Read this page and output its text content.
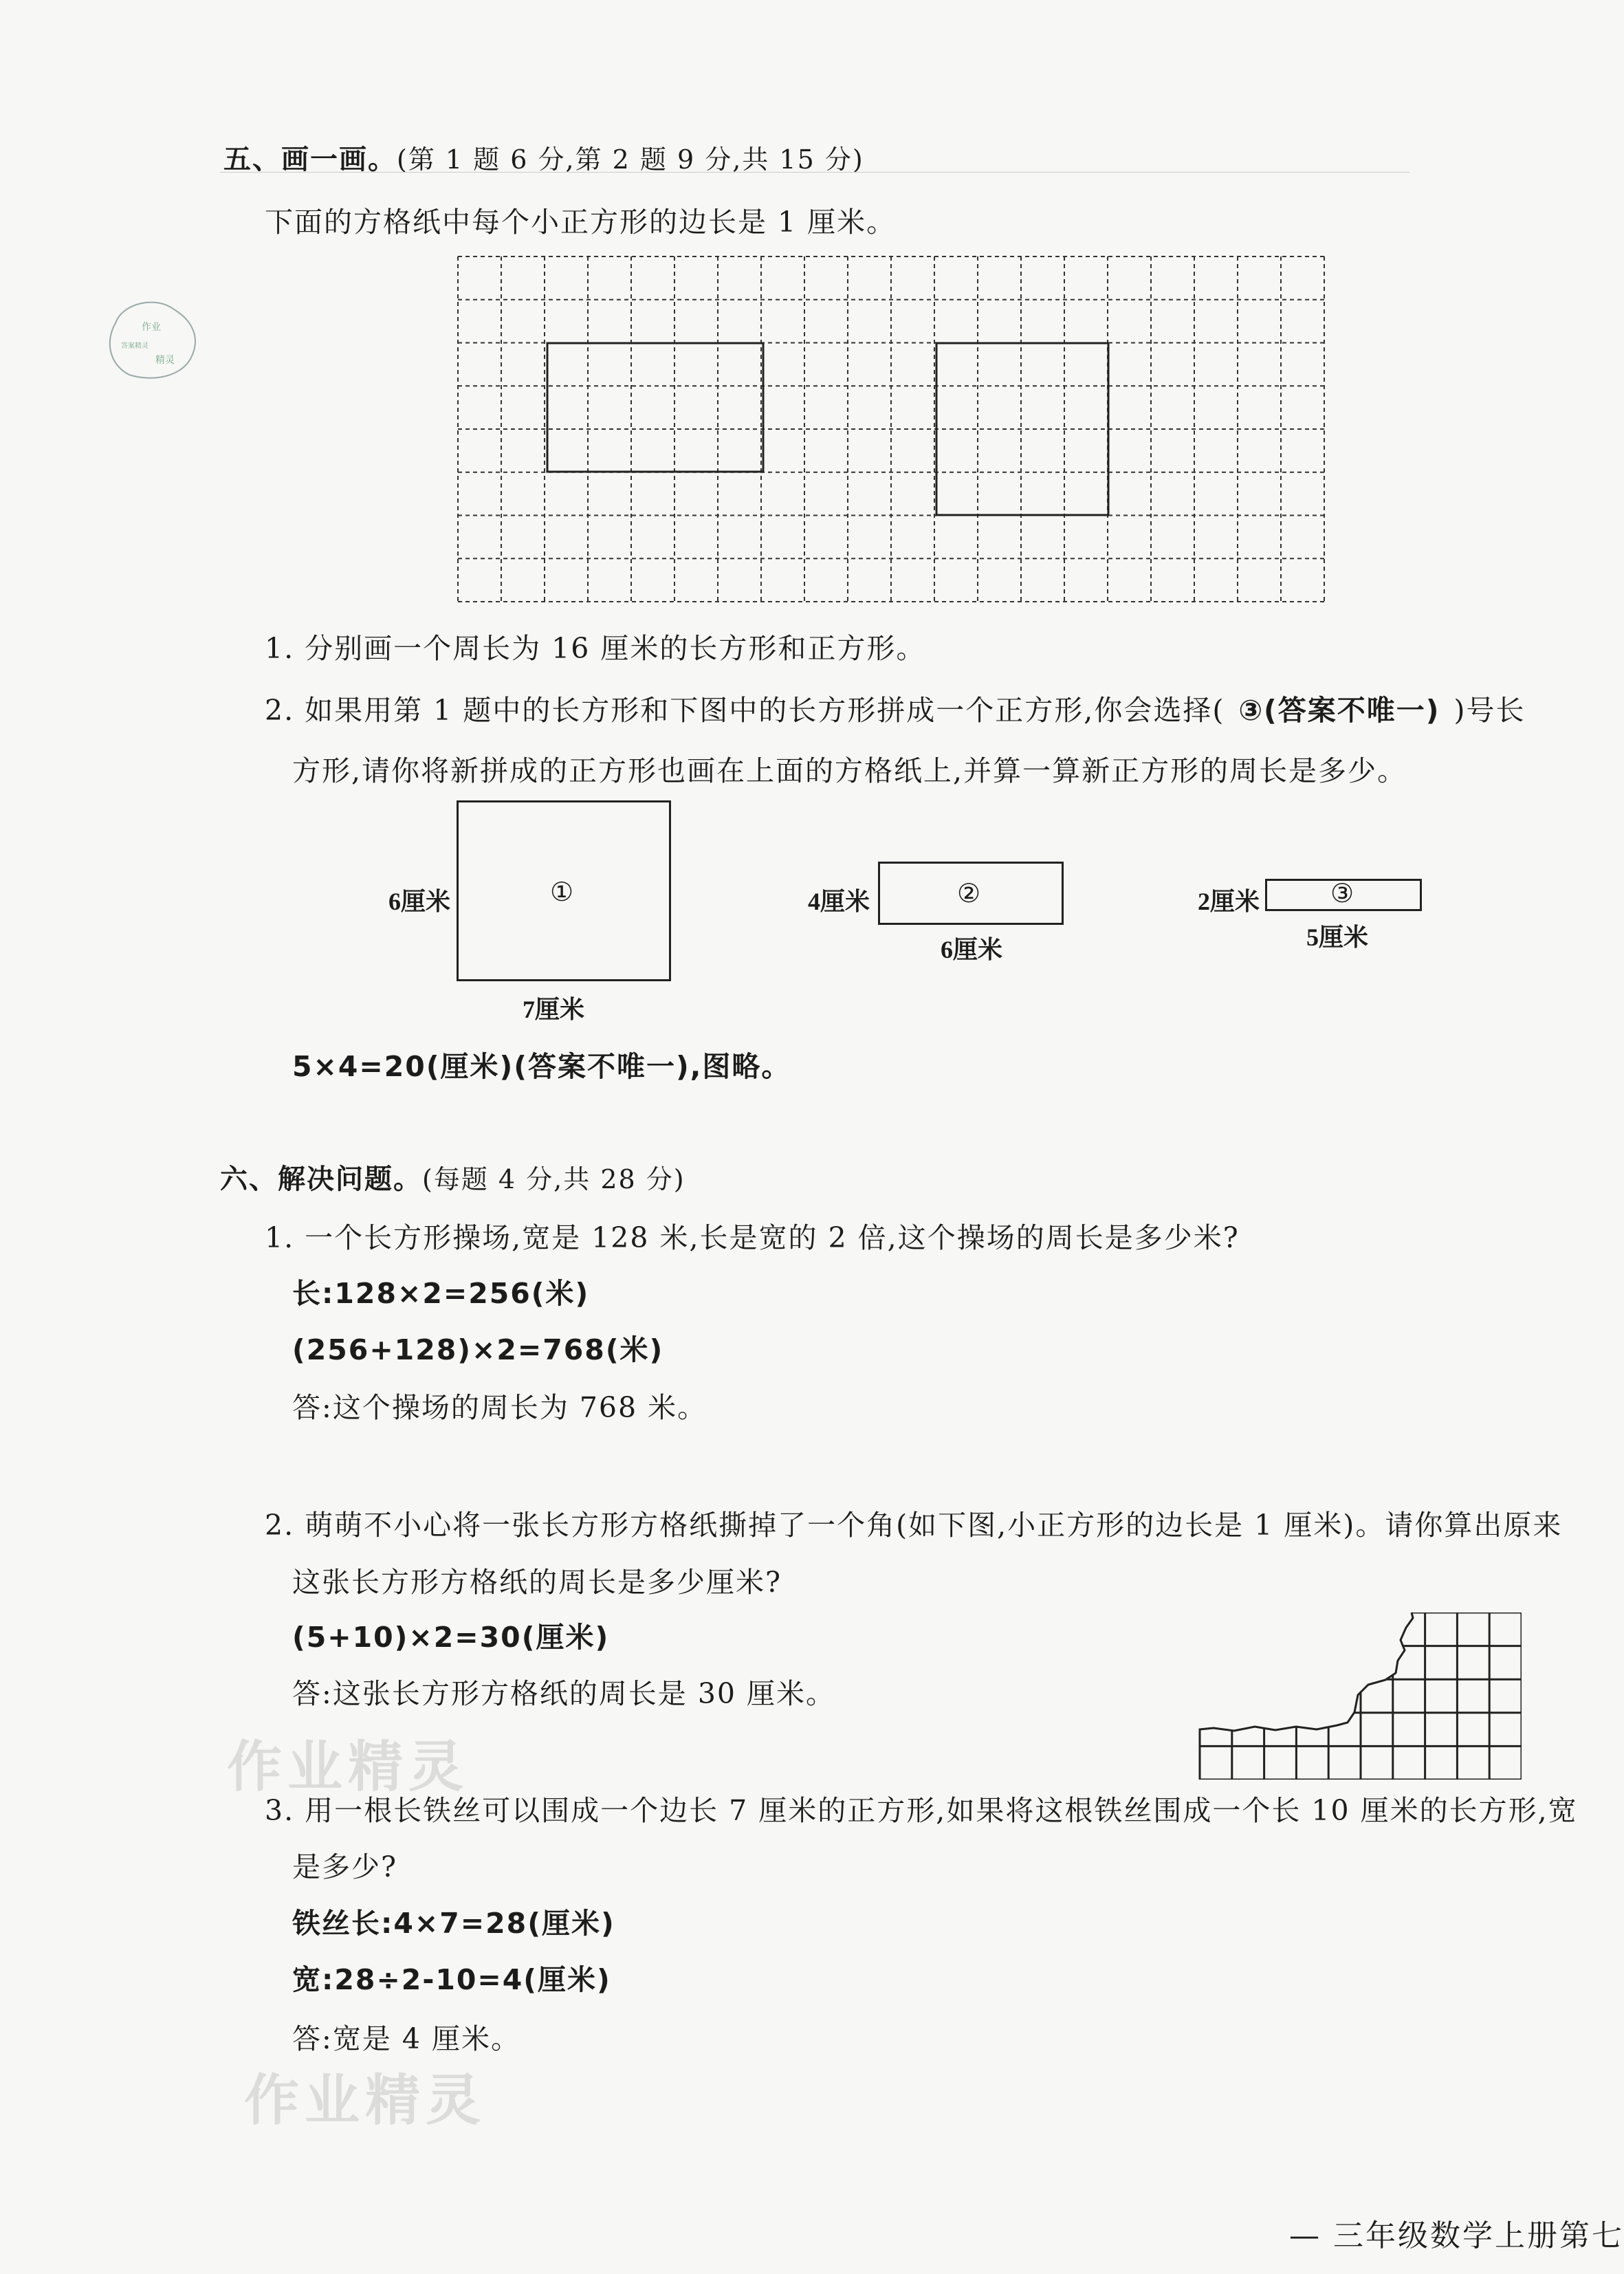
五、画一画。(第 1 题 6 分,第 2 题 9 分,共 15 分)
下面的方格纸中每个小正方形的边长是 1 厘米。
作业
答案精灵
精灵
1. 分别画一个周长为 16 厘米的长方形和正方形。
2. 如果用第 1 题中的长方形和下图中的长方形拼成一个正方形,你会选择( ③(答案不唯一) )号长
方形,请你将新拼成的正方形也画在上面的方格纸上,并算一算新正方形的周长是多少。
①
6厘米
7厘米
②
4厘米
6厘米
③
2厘米
5厘米
5×4=20(厘米)(答案不唯一),图略。
六、解决问题。(每题 4 分,共 28 分)
1. 一个长方形操场,宽是 128 米,长是宽的 2 倍,这个操场的周长是多少米?
长:128×2=256(米)
(256+128)×2=768(米)
答:这个操场的周长为 768 米。
2. 萌萌不小心将一张长方形方格纸撕掉了一个角(如下图,小正方形的边长是 1 厘米)。请你算出原来
这张长方形方格纸的周长是多少厘米?
(5+10)×2=30(厘米)
答:这张长方形方格纸的周长是 30 厘米。
3. 用一根长铁丝可以围成一个边长 7 厘米的正方形,如果将这根铁丝围成一个长 10 厘米的长方形,宽
是多少?
铁丝长:4×7=28(厘米)
宽:28÷2-10=4(厘米)
答:宽是 4 厘米。
作业精灵
作业精灵
— 三年级数学上册第七
